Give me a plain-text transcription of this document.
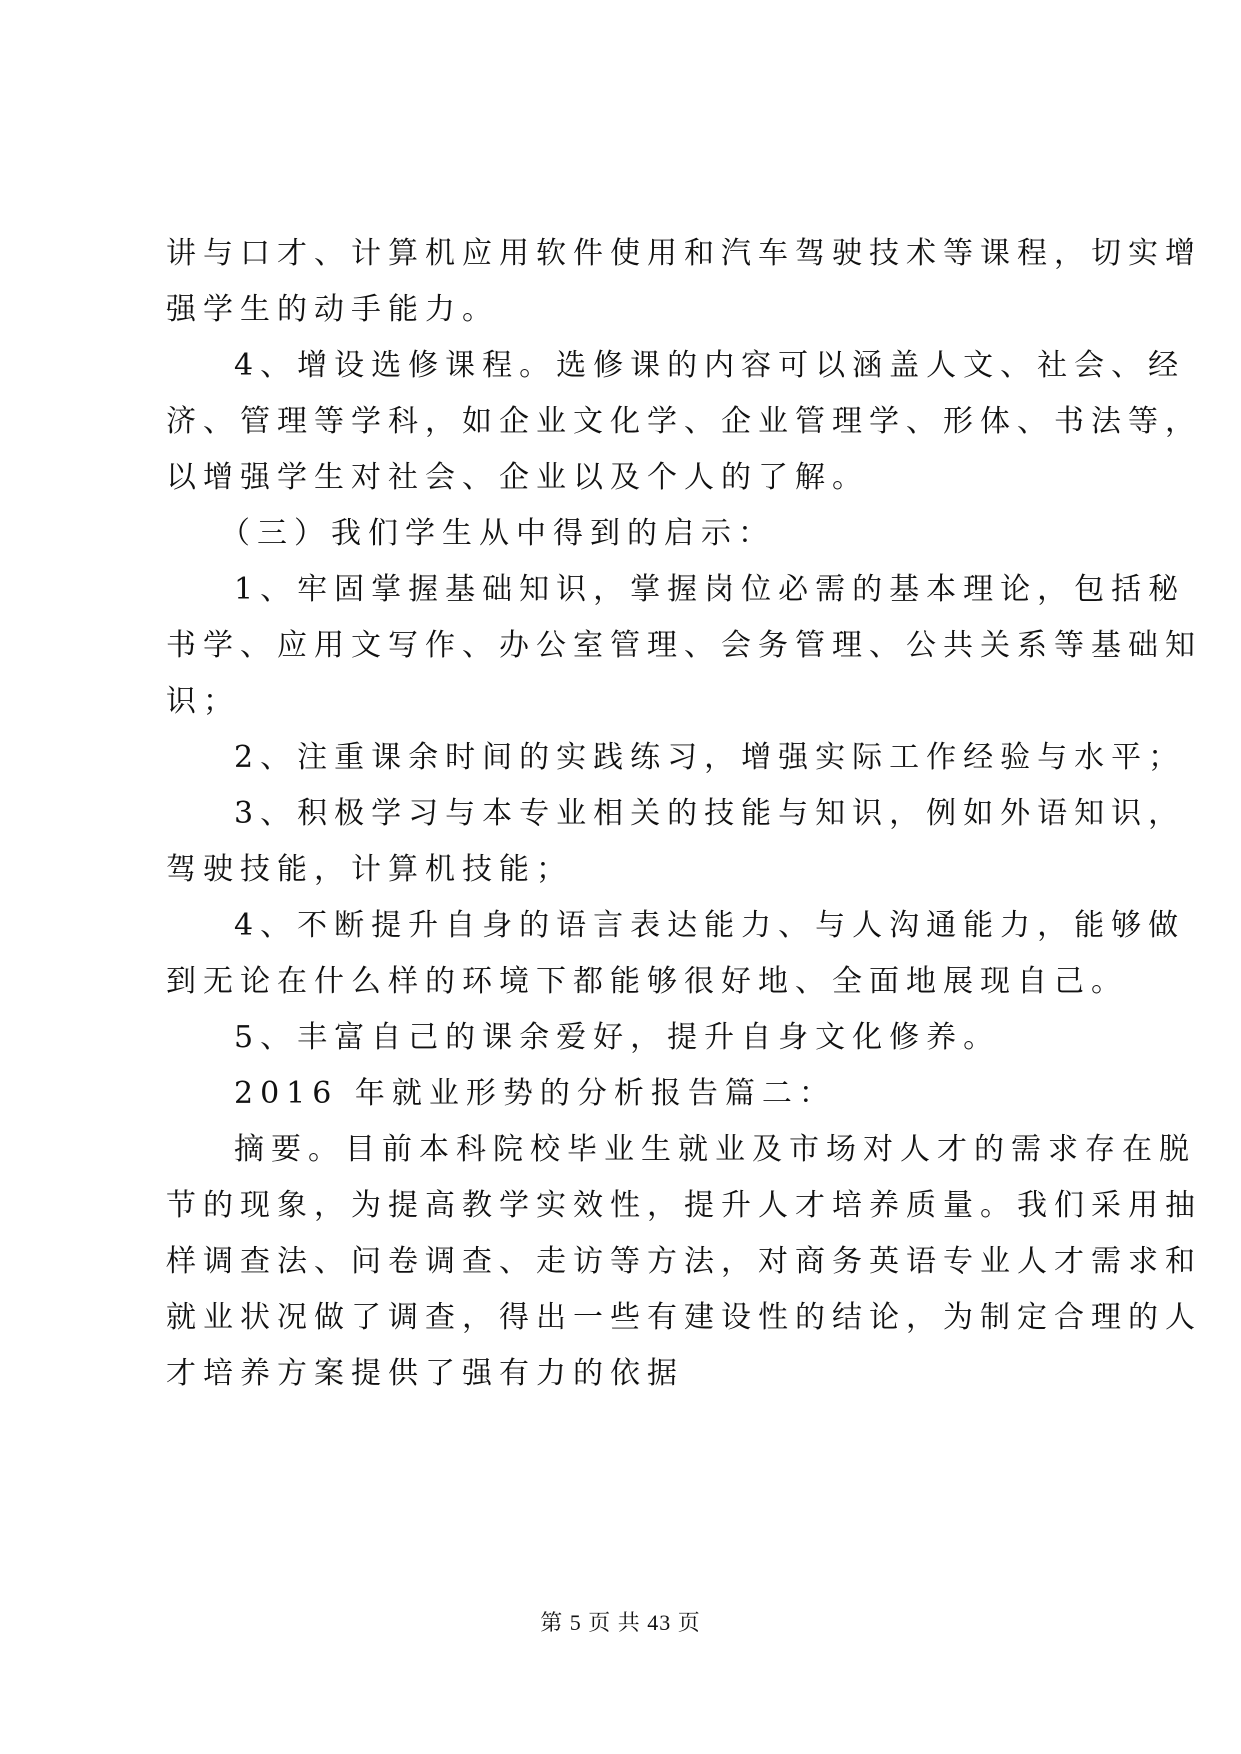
讲与口才、计算机应用软件使用和汽车驾驶技术等课程，切实增
强学生的动手能力。
4、增设选修课程。选修课的内容可以涵盖人文、社会、经
济、管理等学科，如企业文化学、企业管理学、形体、书法等，
以增强学生对社会、企业以及个人的了解。
（三）我们学生从中得到的启示：
1、牢固掌握基础知识，掌握岗位必需的基本理论，包括秘
书学、应用文写作、办公室管理、会务管理、公共关系等基础知
识；
2、注重课余时间的实践练习，增强实际工作经验与水平；
3、积极学习与本专业相关的技能与知识，例如外语知识，
驾驶技能，计算机技能；
4、不断提升自身的语言表达能力、与人沟通能力，能够做
到无论在什么样的环境下都能够很好地、全面地展现自己。
5、丰富自己的课余爱好，提升自身文化修养。
2016 年就业形势的分析报告篇二：
摘要。目前本科院校毕业生就业及市场对人才的需求存在脱
节的现象，为提高教学实效性，提升人才培养质量。我们采用抽
样调查法、问卷调查、走访等方法，对商务英语专业人才需求和
就业状况做了调查，得出一些有建设性的结论，为制定合理的人
才培养方案提供了强有力的依据
第 5 页 共 43 页
